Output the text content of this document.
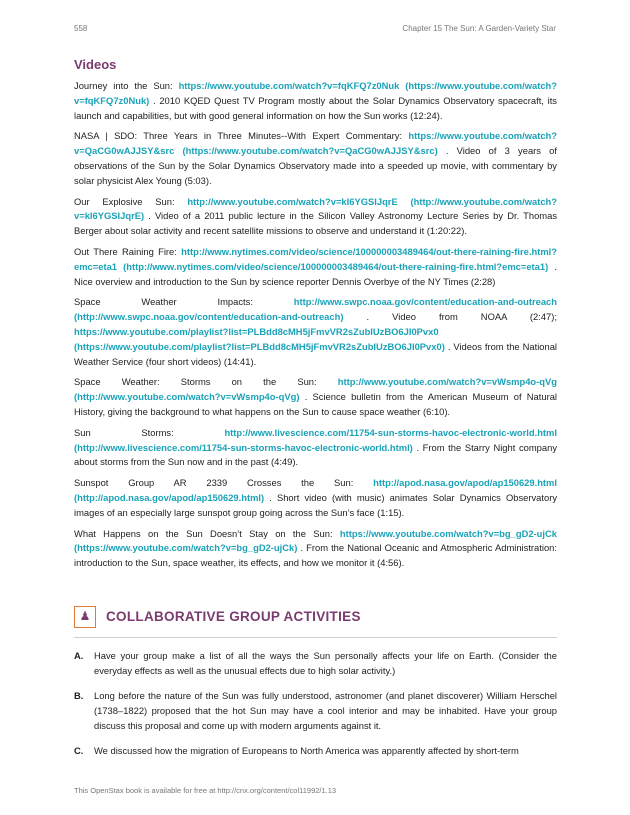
558	Chapter 15 The Sun: A Garden-Variety Star
Videos

Journey into the Sun: https://www.youtube.com/watch?v=fqKFQ7z0Nuk (https://www.youtube.com/watch?v=fqKFQ7z0Nuk) . 2010 KQED Quest TV Program mostly about the Solar Dynamics Observatory spacecraft, its launch and capabilities, but with good general information on how the Sun works (12:24).

NASA | SDO: Three Years in Three Minutes--With Expert Commentary: https://www.youtube.com/watch?v=QaCG0wAJJSY&src (https://www.youtube.com/watch?v=QaCG0wAJJSY&src) . Video of 3 years of observations of the Sun by the Solar Dynamics Observatory made into a speeded up movie, with commentary by solar physicist Alex Young (5:03).

Our Explosive Sun: http://www.youtube.com/watch?v=kI6YGSIJqrE (http://www.youtube.com/watch?v=kI6YGSIJqrE) . Video of a 2011 public lecture in the Silicon Valley Astronomy Lecture Series by Dr. Thomas Berger about solar activity and recent satellite missions to observe and understand it (1:20:22).

Out There Raining Fire: http://www.nytimes.com/video/science/100000003489464/out-there-raining-fire.html?emc=eta1 (http://www.nytimes.com/video/science/100000003489464/out-there-raining-fire.html?emc=eta1) . Nice overview and introduction to the Sun by science reporter Dennis Overbye of the NY Times (2:28)

Space Weather Impacts:	http://www.swpc.noaa.gov/content/education-and-outreach (http://www.swpc.noaa.gov/content/education-and-outreach) . Video from NOAA (2:47); https://www.youtube.com/playlist?list=PLBdd8cMH5jFmvVR2sZubIUzBO6JI0Pvx0 (https://www.youtube.com/playlist?list=PLBdd8cMH5jFmvVR2sZubIUzBO6JI0Pvx0) . Videos from the National Weather Service (four short videos) (14:41).

Space Weather: Storms on the Sun: http://www.youtube.com/watch?v=vWsmp4o-qVg (http://www.youtube.com/watch?v=vWsmp4o-qVg) . Science bulletin from the American Museum of Natural History, giving the background to what happens on the Sun to cause space weather (6:10).

Sun Storms:	http://www.livescience.com/11754-sun-storms-havoc-electronic-world.html (http://www.livescience.com/11754-sun-storms-havoc-electronic-world.html) . From the Starry Night company about storms from the Sun now and in the past (4:49).

Sunspot Group AR 2339 Crosses the Sun: http://apod.nasa.gov/apod/ap150629.html (http://apod.nasa.gov/apod/ap150629.html) . Short video (with music) animates Solar Dynamics Observatory images of an especially large sunspot group going across the Sun’s face (1:15).

What Happens on the Sun Doesn’t Stay on the Sun: https://www.youtube.com/watch?v=bg_gD2-ujCk (https://www.youtube.com/watch?v=bg_gD2-ujCk) . From the National Oceanic and Atmospheric Administration: introduction to the Sun, space weather, its effects, and how we monitor it (4:56).

♟	COLLABORATIVE GROUP ACTIVITIES
A. Have your group make a list of all the ways the Sun personally affects your life on Earth. (Consider the everyday effects as well as the unusual effects due to high solar activity.)
B. Long before the nature of the Sun was fully understood, astronomer (and planet discoverer) William Herschel (1738–1822) proposed that the hot Sun may have a cool interior and may be inhabited. Have your group discuss this proposal and come up with modern arguments against it.
C. We discussed how the migration of Europeans to North America was apparently affected by short-term
This OpenStax book is available for free at http://cnx.org/content/col11992/1.13
